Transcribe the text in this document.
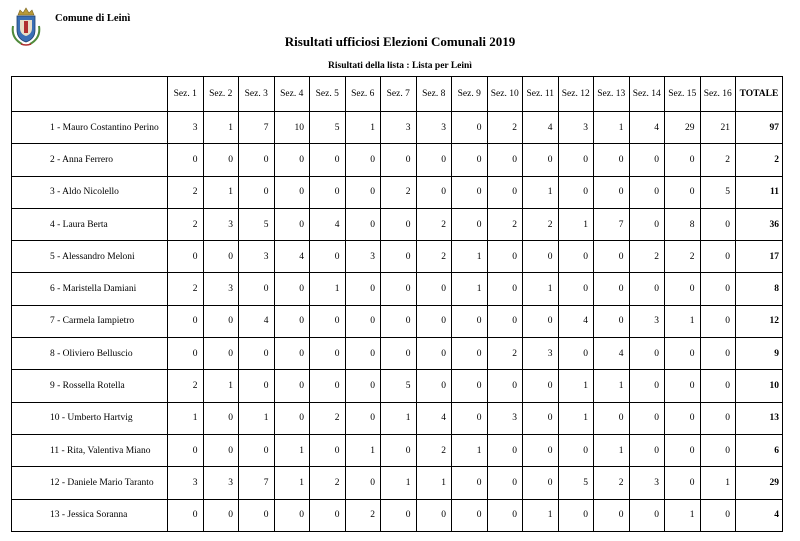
Comune di Leinì
Risultati ufficiosi Elezioni Comunali 2019
Risultati della lista : Lista per Leinì
	Sez. 1	Sez. 2	Sez. 3	Sez. 4	Sez. 5	Sez. 6	Sez. 7	Sez. 8	Sez. 9	Sez. 10	Sez. 11	Sez. 12	Sez. 13	Sez. 14	Sez. 15	Sez. 16	TOTALE
1 - Mauro Costantino Perino	3	1	7	10	5	1	3	3	0	2	4	3	1	4	29	21	97
2 - Anna Ferrero	0	0	0	0	0	0	0	0	0	0	0	0	0	0	0	2	2
3 - Aldo Nicolello	2	1	0	0	0	0	2	0	0	0	1	0	0	0	0	5	11
4 - Laura Berta	2	3	5	0	4	0	0	2	0	2	2	1	7	0	8	0	36
5 - Alessandro Meloni	0	0	3	4	0	3	0	2	1	0	0	0	0	2	2	0	17
6 - Maristella Damiani	2	3	0	0	1	0	0	0	1	0	1	0	0	0	0	0	8
7 - Carmela Iampietro	0	0	4	0	0	0	0	0	0	0	0	4	0	3	1	0	12
8 - Oliviero Belluscio	0	0	0	0	0	0	0	0	0	2	3	0	4	0	0	0	9
9 - Rossella Rotella	2	1	0	0	0	0	5	0	0	0	0	1	1	0	0	0	10
10 - Umberto Hartvig	1	0	1	0	2	0	1	4	0	3	0	1	0	0	0	0	13
11 - Rita, Valentiva Miano	0	0	0	1	0	1	0	2	1	0	0	0	1	0	0	0	6
12 - Daniele Mario Taranto	3	3	7	1	2	0	1	1	0	0	0	5	2	3	0	1	29
13 - Jessica Soranna	0	0	0	0	0	2	0	0	0	0	1	0	0	0	1	0	4
